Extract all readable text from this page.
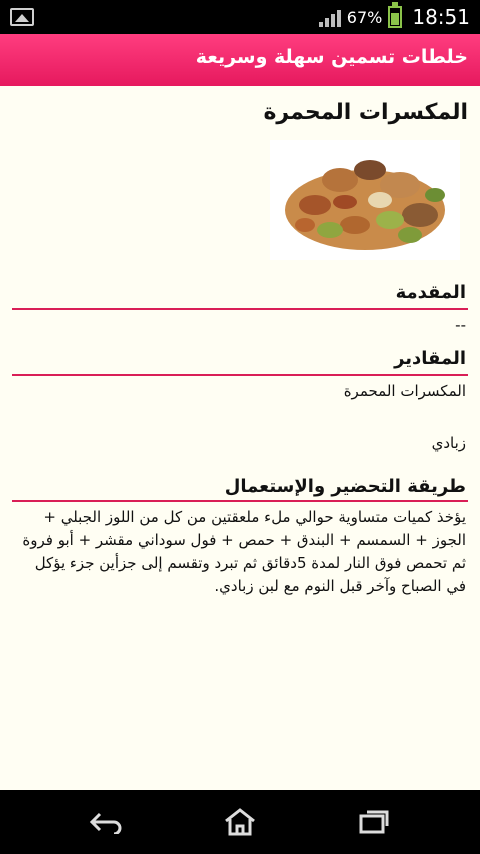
67% 18:51
خلطات تسمين سهلة وسريعة
المكسرات المحمرة
المقدمة
--
المقادير
المكسرات المحمرة
زبادي
طريقة التحضير والإستعمال
يؤخذ كميات متساوية حوالي ملء ملعقتين من كل من اللوز الجبلي + الجوز + السمسم + البندق + حمص + فول سوداني مقشر + أبو فروة ثم تحمص فوق النار لمدة 5دقائق ثم تبرد وتقسم إلى جزأين جزء يؤكل في الصباح وآخر قبل النوم مع لبن زبادي.
